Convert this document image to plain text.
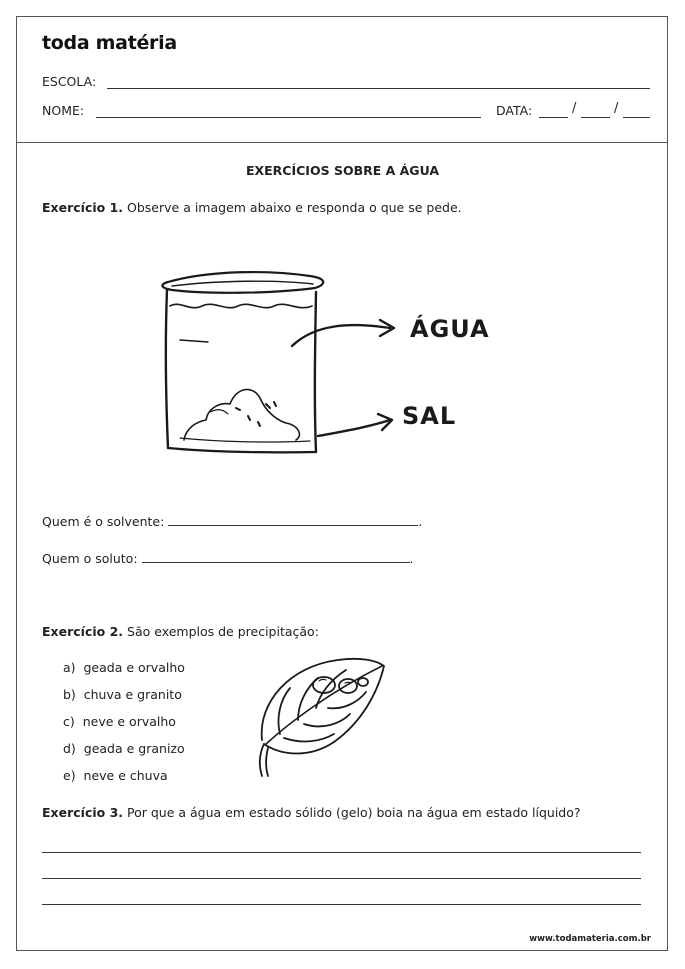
toda matéria
ESCOLA:
NOME:	DATA:	/	/
EXERCÍCIOS SOBRE A ÁGUA
Exercício 1. Observe a imagem abaixo e responda o que se pede.
ÁGUA
SAL
Quem é o solvente:	.
Quem o soluto:	.
Exercício 2. São exemplos de precipitação:
a) geada e orvalho
b) chuva e granito
c) neve e orvalho
d) geada e granizo
e) neve e chuva
Exercício 3. Por que a água em estado sólido (gelo) boia na água em estado líquido?
www.todamateria.com.br
